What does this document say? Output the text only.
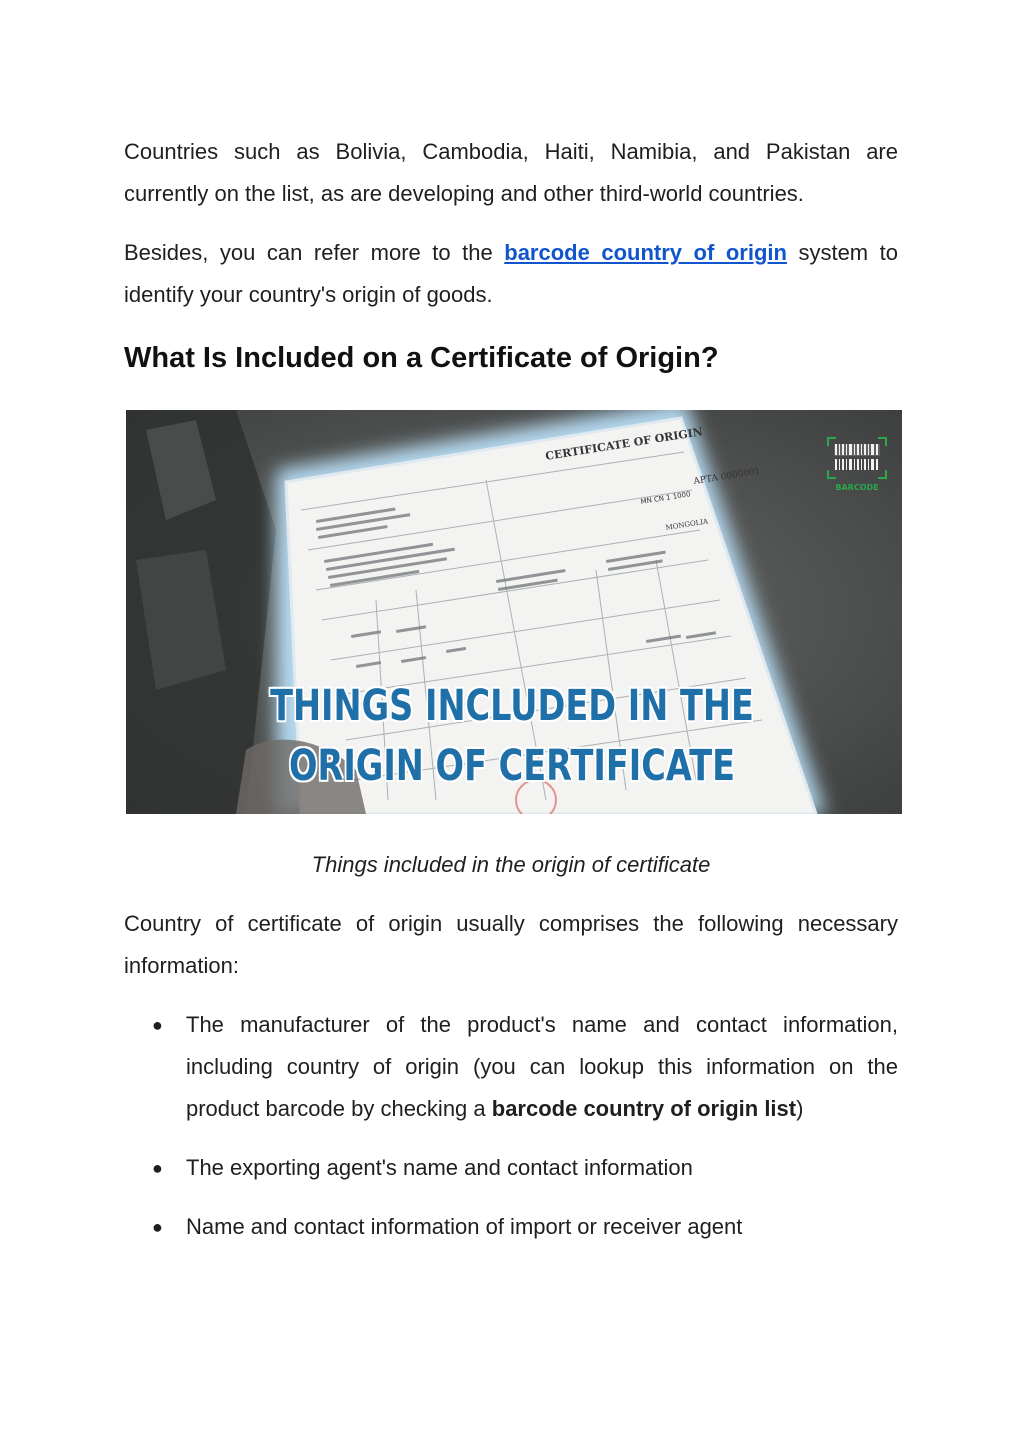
Countries such as Bolivia, Cambodia, Haiti, Namibia, and Pakistan are currently on the list, as are developing and other third-world countries.

Besides, you can refer more to the barcode country of origin system to identify your country's origin of goods.

What Is Included on a Certificate of Origin?
CERTIFICATE OF ORIGIN
APTA 0000001
MN CN 1 1000
MONGOLIA
BARCODE
THINGS INCLUDED IN THE
ORIGIN OF CERTIFICATE

Things included in the origin of certificate

Country of certificate of origin usually comprises the following necessary information:

● The manufacturer of the product's name and contact information, including country of origin (you can lookup this information on the product barcode by checking a barcode country of origin list)
● The exporting agent's name and contact information
● Name and contact information of import or receiver agent
